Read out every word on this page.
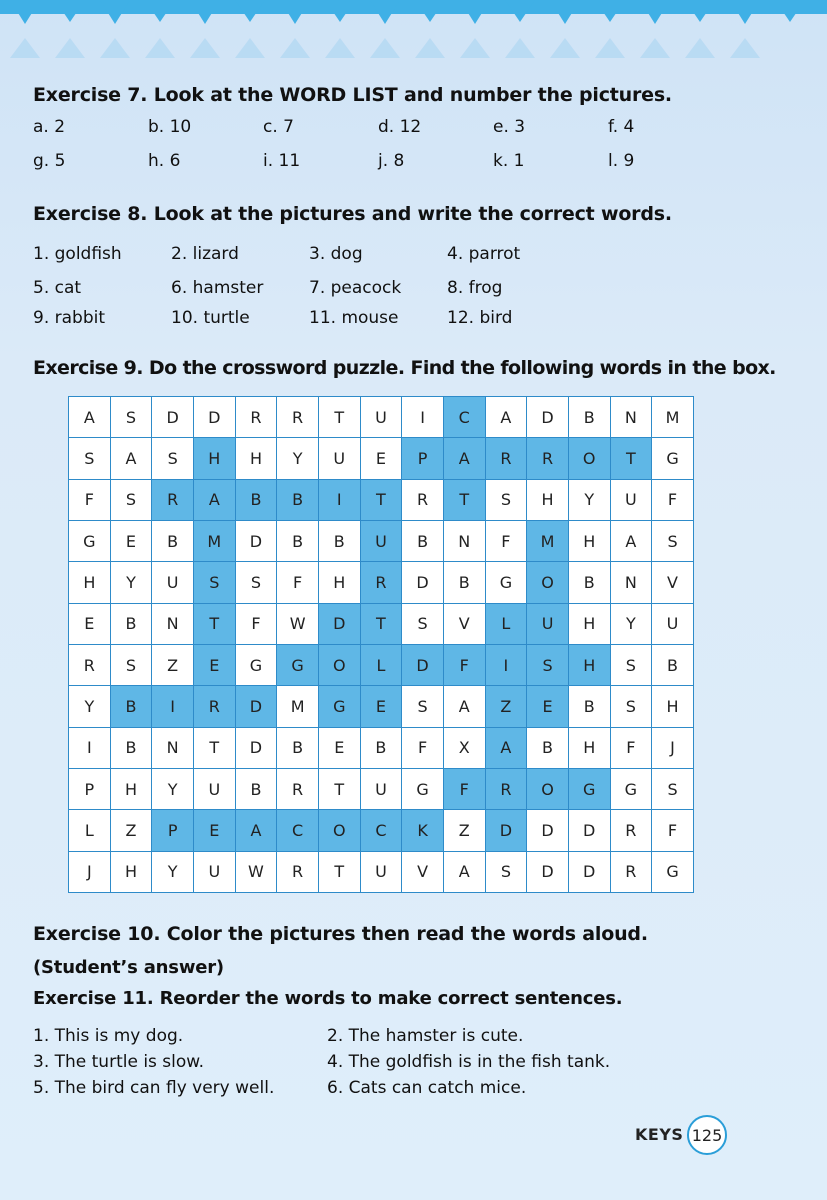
Exercise 7. Look at the WORD LIST and number the pictures.
a. 2	b. 10	c. 7	d. 12	e. 3	f. 4
g. 5	h. 6	i. 11	j. 8	k. 1	l. 9
Exercise 8. Look at the pictures and write the correct words.
1. goldfish	2. lizard	3. dog	4. parrot
5. cat	6. hamster	7. peacock	8. frog
9. rabbit	10. turtle	11. mouse	12. bird
Exercise 9. Do the crossword puzzle. Find the following words in the box.
A	S	D	D	R	R	T	U	I	C	A	D	B	N	M
S	A	S	H	H	Y	U	E	P	A	R	R	O	T	G
F	S	R	A	B	B	I	T	R	T	S	H	Y	U	F
G	E	B	M	D	B	B	U	B	N	F	M	H	A	S
H	Y	U	S	S	F	H	R	D	B	G	O	B	N	V
E	B	N	T	F	W	D	T	S	V	L	U	H	Y	U
R	S	Z	E	G	G	O	L	D	F	I	S	H	S	B
Y	B	I	R	D	M	G	E	S	A	Z	E	B	S	H
I	B	N	T	D	B	E	B	F	X	A	B	H	F	J
P	H	Y	U	B	R	T	U	G	F	R	O	G	G	S
L	Z	P	E	A	C	O	C	K	Z	D	D	D	R	F
J	H	Y	U	W	R	T	U	V	A	S	D	D	R	G
Exercise 10. Color the pictures then read the words aloud.
(Student’s answer)
Exercise 11. Reorder the words to make correct sentences.
1. This is my dog.	2. The hamster is cute.
3. The turtle is slow.	4. The goldfish is in the fish tank.
5. The bird can fly very well.	6. Cats can catch mice.
KEYS 125
